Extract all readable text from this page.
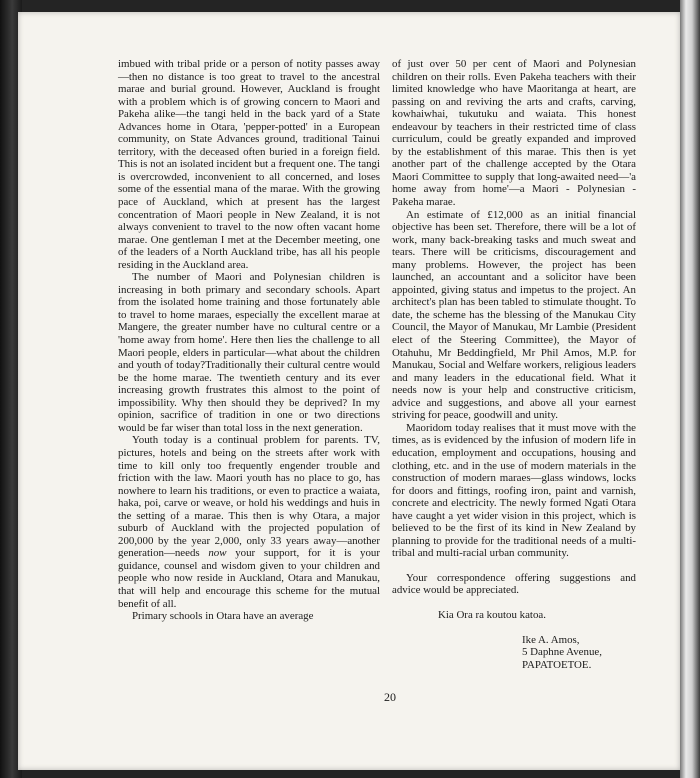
imbued with tribal pride or a person of notity passes away—then no distance is too great to travel to the ancestral marae and burial ground. However, Auckland is frought with a problem which is of growing concern to Maori and Pakeha alike—the tangi held in the back yard of a State Advances home in Otara, 'pepper-potted' in a European community, on State Advances ground, traditional Tainui territory, with the deceased often buried in a foreign field. This is not an isolated incident but a frequent one. The tangi is overcrowded, inconvenient to all concerned, and loses some of the essential mana of the marae. With the growing pace of Auckland, which at present has the largest concentration of Maori people in New Zealand, it is not always convenient to travel to the now often vacant home marae. One gentleman I met at the December meeting, one of the leaders of a North Auckland tribe, has all his people residing in the Auckland area.

The number of Maori and Polynesian children is increasing in both primary and secondary schools. Apart from the isolated home training and those fortunately able to travel to home maraes, especially the excellent marae at Mangere, the greater number have no cultural centre or a 'home away from home'. Here then lies the challenge to all Maori people, elders in particular—what about the children and youth of today?Traditionally their cultural centre would be the home marae. The twentieth century and its ever increasing growth frustrates this almost to the point of impossibility. Why then should they be deprived? In my opinion, sacrifice of tradition in one or two directions would be far wiser than total loss in the next generation.

Youth today is a continual problem for parents. TV, pictures, hotels and being on the streets after work with time to kill only too frequently engender trouble and friction with the law. Maori youth has no place to go, has nowhere to learn his traditions, or even to practice a waiata, haka, poi, carve or weave, or hold his weddings and huis in the setting of a marae. This then is why Otara, a major suburb of Auckland with the projected population of 200,000 by the year 2,000, only 33 years away—another generation—needs now your support, for it is your guidance, counsel and wisdom given to your children and people who now reside in Auckland, Otara and Manukau, that will help and encourage this scheme for the mutual benefit of all.

Primary schools in Otara have an average

of just over 50 per cent of Maori and Polynesian children on their rolls. Even Pakeha teachers with their limited knowledge who have Maoritanga at heart, are passing on and reviving the arts and crafts, carving, kowhaiwhai, tukutuku and waiata. This honest endeavour by teachers in their restricted time of class curriculum, could be greatly expanded and improved by the establishment of this marae. This then is yet another part of the challenge accepted by the Otara Maori Committee to supply that long-awaited need—'a home away from home'—a Maori - Polynesian - Pakeha marae.

An estimate of £12,000 as an initial financial objective has been set. Therefore, there will be a lot of work, many back-breaking tasks and much sweat and tears. There will be criticisms, discouragement and many problems. However, the project has been launched, an accountant and a solicitor have been appointed, giving status and impetus to the project. An architect's plan has been tabled to stimulate thought. To date, the scheme has the blessing of the Manukau City Council, the Mayor of Manukau, Mr Lambie (President elect of the Steering Committee), the Mayor of Otahuhu, Mr Beddingfield, Mr Phil Amos, M.P. for Manukau, Social and Welfare workers, religious leaders and many leaders in the educational field. What it needs now is your help and constructive criticism, advice and suggestions, and above all your earnest striving for peace, goodwill and unity.

Maoridom today realises that it must move with the times, as is evidenced by the infusion of modern life in education, employment and occupations, housing and clothing, etc. and in the use of modern materials in the construction of modern maraes—glass windows, locks for doors and fittings, roofing iron, paint and varnish, concrete and electricity. The newly formed Ngati Otara have caught a yet wider vision in this project, which is believed to be the first of its kind in New Zealand by planning to provide for the traditional needs of a multi-tribal and multi-racial urban community.

Your correspondence offering suggestions and advice would be appreciated.

Kia Ora ra koutou katoa.

Ike A. Amos,
5 Daphne Avenue,
PAPATOETOE.
20
